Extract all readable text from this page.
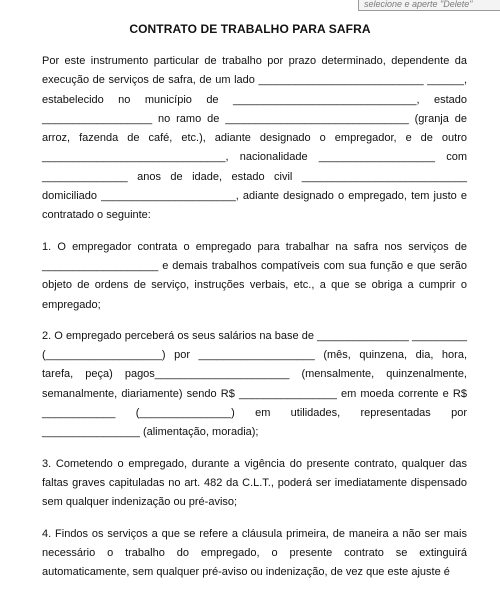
selecione e aperte "Delete"
CONTRATO DE TRABALHO PARA SAFRA

Por este instrumento particular de trabalho por prazo determinado, dependente da execução de serviços de safra, de um lado ___________________________ ______, estabelecido no município de ______________________________, estado __________________ no ramo de ______________________________ (granja de arroz, fazenda de café, etc.), adiante designado o empregador, e de outro ______________________________, nacionalidade ___________________ com ______________ anos de idade, estado civil ___________________________ domiciliado ______________________, adiante designado o empregado, tem justo e contratado o seguinte:

1. O empregador contrata o empregado para trabalhar na safra nos serviços de ___________________ e demais trabalhos compatíveis com sua função e que serão objeto de ordens de serviço, instruções verbais, etc., a que se obriga a cumprir o empregado;

2. O empregado perceberá os seus salários na base de _______________ _________ (___________________) por ___________________ (mês, quinzena, dia, hora, tarefa, peça) pagos______________________ (mensalmente, quinzenalmente, semanalmente, diariamente) sendo R$ ________________ em moeda corrente e R$ ____________ (_______________) em utilidades, representadas por ________________ (alimentação, moradia);

3. Cometendo o empregado, durante a vigência do presente contrato, qualquer das faltas graves capituladas no art. 482 da C.L.T., poderá ser imediatamente dispensado sem qualquer indenização ou pré-aviso;

4. Findos os serviços a que se refere a cláusula primeira, de maneira a não ser mais necessário o trabalho do empregado, o presente contrato se extinguirá automaticamente, sem qualquer pré-aviso ou indenização, de vez que este ajuste é
